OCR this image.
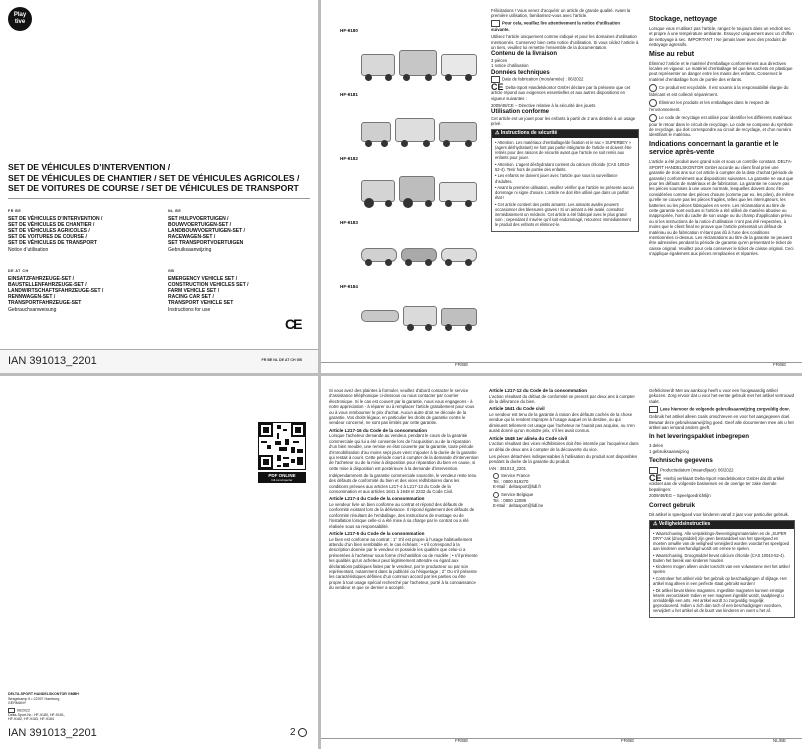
Play tive
SET DE VÉHICULES D’INTERVENTION /
SET DE VÉHICULES DE CHANTIER / SET DE VÉHICULES AGRICOLES /
SET DE VOITURES DE COURSE / SET DE VÉHICULES DE TRANSPORT
FR BE
SET DE VÉHICULES D’INTERVENTION /
SET DE VÉHICULES DE CHANTIER /
SET DE VÉHICULES AGRICOLES /
SET DE VOITURES DE COURSE /
SET DE VÉHICULES DE TRANSPORT
Notice d’utilisation
NL BE
SET HULPVOERTUIGEN /
BOUWVOERTUIGEN-SET /
LANDBOUWVOERTUIGEN-SET /
RACEWAGEN-SET /
SET TRANSPORTVOERTUIGEN
Gebruiksaanwijzing
DE AT CH
EINSATZFAHRZEUGE-SET /
BAUSTELLENFAHRZEUGE-SET /
LANDWIRTSCHAFTSFAHRZEUGE-SET /
RENNWAGEN-SET /
TRANSPORTFAHRZEUGE-SET
Gebrauchsanweisung
GB
EMERGENCY VEHICLE SET /
CONSTRUCTION VEHICLES SET /
FARM VEHICLE SET /
RACING CAR SET /
TRANSPORT VEHICLE SET
Instructions for use
CE
IAN 391013_2201	FR BE NL DE AT CH GB
HF-9180
HF-9181
HF-9182
HF-9183
HF-9184

Félicitations ! Vous venez d’acquérir un article de grande qualité. Avant la première utilisation, familiarisez-vous avec l’article.

Pour cela, veuillez lire attentivement la notice d’utilisation suivante.

Utilisez l’article uniquement comme indiqué et pour les domaines d’utilisation mentionnés. Conservez bien cette notice d’utilisation. Si vous cédez l’article à un tiers, veuillez lui remettre l’ensemble de la documentation.

Contenu de la livraison

3 pièces

1 notice d’utilisation

Données techniques

Date de fabrication (mois/année) : 06/2022

CE Delta-Sport Handelskontor GmbH déclare par la présente que cet article répond aux exigences essentielles et aux autres dispositions en vigueur suivantes :

2009/48/CE – Directive relative à la sécurité des jouets

Utilisation conforme

Cet article est un jouet pour les enfants à partir de 2 ans destiné à un usage privé.

⚠ Instructions de sécurité

• Attention. Les matériaux d’emballage/de fixation et le sac « SUPERBEY » (agent déshydratant) ne font pas partie intégrante de l’article et doivent être retirés pour des raisons de sécurité avant que l’article ne soit remis aux enfants pour jouer.

• Attention. L’agent déshydratant contient du calcium chloride (CAS 10043-52-4). Tenir hors de portée des enfants.

• Les enfants ne doivent jouer avec l’article que sous la surveillance d’adultes.

• Avant la première utilisation, veuillez vérifier que l’article ne présente aucun dommage ni signe d’usure. L’article ne doit être utilisé que dans un parfait état !

• Cet article contient des petits aimants. Les aimants avalés peuvent occasionner des blessures graves ! Si un aimant a été avalé, consultez immédiatement un médecin. Cet article a été fabriqué avec le plus grand soin ; cependant il s’avère qu’il soit endommagé, retournez immédiatement le produit des enfants et éliminez-le.

Stockage, nettoyage

Lorsque vous n’utilisez pas l’article, rangez-le toujours dans un endroit sec et propre à une température ambiante. Essuyez uniquement avec un chiffon de nettoyage à sec. IMPORTANT ! Ne jamais laver avec des produits de nettoyage agressifs.

Mise au rebut

Éliminez l’article et le matériel d’emballage conformément aux directives locales en vigueur. Le matériel d’emballage tel que les sachets en plastique peut représenter un danger entre les mains des enfants. Conservez le matériel d’emballage hors de portée des enfants.

Ce produit est recyclable. Il est soumis à la responsabilité élargie du fabricant et est collecté séparément.

Éliminez les produits et les emballages dans le respect de l’environnement.

Le code de recyclage est utilisé pour identifier les différents matériaux pour le retour dans le circuit de recyclage. Le code se compose du symbole de recyclage, qui doit correspondre au circuit de recyclage, et d’un numéro identifiant le matériau.

Indications concernant la garantie et le service après-vente

L’article a été produit avec grand soin et sous un contrôle constant. DELTA-SPORT HANDELSKONTOR GmbH accorde au client final privé une garantie de trois ans sur cet article à compter de la date d’achat (période de garantie) conformément aux dispositions suivantes. La garantie ne vaut que pour les défauts de matériaux et de fabrication. La garantie ne couvre pas les pièces soumises à une usure normale, lesquelles doivent donc être considérées comme des pièces d’usure (comme par ex. les piles), de même qu’elle ne couvre pas les pièces fragiles, telles que les interrupteurs, les batteries ou les pièces fabriquées en verre. Les réclamations au titre de cette garantie sont exclues si l’article a été utilisé de manière abusive ou inappropriée, hors du cadre de son usage ou du champ d’application prévu ou si les instructions de la notice d’utilisation n’ont pas été respectées, à moins que le client final ne prouve que l’article présentait un défaut de matériau ou de fabrication n’étant pas dû à l’une des conditions mentionnées ci-dessus. Les réclamations au titre de la garantie ne peuvent être adressées pendant la période de garantie qu’en présentant le ticket de caisse original. Veuillez pour cela conserver le ticket de caisse original. Ceci s’applique également aux pièces remplacées et réparées.

FR/BE	FR/BE
PDF ONLINE
lidl.com/rejecter
DELTA-SPORT HANDELSKONTOR GMBH
Wragekamp 6 • 22397 Hamburg
GERMANY
06/2022
Delta-Sport-Nr.: HF-9180, HF-9181,
HF-9182, HF-9183, HF-9184
IAN 391013_2201	2

Si vous avez des plaintes à formuler, veuillez d’abord contacter le service d’assistance téléphonique ci-dessous ou nous contacter par courrier électronique. Si le cas est couvert par la garantie, nous vous engageons - à notre appréciation - à réparer ou à remplacer l’article gratuitement pour vous ou à vous rembourser le prix d’achat. Aucun autre droit ne découle de la garantie. Vos droits légaux, en particulier les droits de garantie contre le vendeur concerné, ne sont pas limités par cette garantie.

Article L217-16 du Code de la consommation

Lorsque l’acheteur demande au vendeur, pendant le cours de la garantie commerciale qui lui a été consentie lors de l’acquisition ou de la réparation d’un bien meuble, une remise en état couverte par la garantie, toute période d’immobilisation d’au moins sept jours vient s’ajouter à la durée de la garantie qui restait à courir. Cette période court à compter de la demande d’intervention de l’acheteur ou de la mise à disposition pour réparation du bien en cause, si cette mise à disposition est postérieure à la demande d’intervention.

Indépendamment de la garantie commerciale souscrite, le vendeur reste tenu des défauts de conformité du bien et des vices rédhibitoires dans les conditions prévues aux articles L217-4 à L217-13 du Code de la consommation et aux articles 1641 à 1648 et 2232 du Code Civil.

Article L217-4 du Code de la consommation

Le vendeur livre un bien conforme au contrat et répond des défauts de conformité existant lors de la délivrance. Il répond également des défauts de conformité résultant de l’emballage, des instructions de montage ou de l’installation lorsque celle-ci a été mise à sa charge par le contrat ou a été réalisée sous sa responsabilité.

Article L217-5 du Code de la consommation

Le bien est conforme au contrat : 1° S’il est propre à l’usage habituellement attendu d’un bien semblable et, le cas échéant : • s’il correspond à la description donnée par le vendeur et possède les qualités que celui-ci a présentées à l’acheteur sous forme d’échantillon ou de modèle ; • s’il présente les qualités qu’un acheteur peut légitimement attendre eu égard aux déclarations publiques faites par le vendeur, par le producteur ou par son représentant, notamment dans la publicité ou l’étiquetage ; 2° Ou s’il présente les caractéristiques définies d’un commun accord par les parties ou être propre à tout usage spécial recherché par l’acheteur, porté à la connaissance du vendeur et que ce dernier a accepté.

Article L217-12 du Code de la consommation

L’action résultant du défaut de conformité se prescrit par deux ans à compter de la délivrance du bien.

Article 1641 du Code civil

Le vendeur est tenu de la garantie à raison des défauts cachés de la chose vendue qui la rendent impropre à l’usage auquel on la destine, ou qui diminuent tellement cet usage que l’acheteur ne l’aurait pas acquise, ou n’en aurait donné qu’un moindre prix, s’il les avait connus.

Article 1648 1er alinéa du Code civil

L’action résultant des vices rédhibitoires doit être intentée par l’acquéreur dans un délai de deux ans à compter de la découverte du vice.

Les pièces détachées indispensables à l’utilisation du produit sont disponibles pendant la durée de la garantie du produit.

IAN : 391013_2201

Service France
Tel. : 0800 919270
E-Mail : deltasport@lidl.fr
Service Belgique
Tel. : 0800 12089
E-Mail : deltasport@lidl.be

Gefeliciteerd! Met uw aankoop heeft u voor een hoogwaardig artikel gekozen. Zorg ervoor dat u voor het eerste gebruik met het artikel vertrouwd raakt.

Lees hiervoor de volgende gebruiksaanwijzing zorgvuldig door.

Gebruik het artikel alleen zoals omschreven en voor het aangegeven doel. Bewaar deze gebruiksaanwijzing goed. Geef alle documenten mee als u het artikel aan iemand anders geeft.

In het leveringspakket inbegrepen

3 delen

1 gebruiksaanwijzing

Technische gegevens

Productiedatum (maand/jaar): 06/2022

CE Hierbij verklaart Delta-Sport Handelskontor GmbH dat dit artikel voldoet aan de volgende basiseisen en de overige ter zake doende bepalingen:

2009/48/EG – Speelgoedrichtlijn

Correct gebruik

Dit artikel is speelgoed voor kinderen vanaf 2 jaar voor particulier gebruik.

⚠ Veiligheidsinstructies

• Waarschuwing. Alle verpakkings-/bevestigingsmaterialen en de „SUPER DRY“-zak (droogmiddel) zijn geen bestanddeel van het speelgoed en moeten omwille van de veiligheid verwijderd worden voordat het speelgoed aan kinderen overhandigd wordt om ermee te spelen.

• Waarschuwing. Droogmiddel bevat calcium chloride (CAS 10043-52-4). Buiten het bereik van kinderen houden.

• Kinderen mogen alleen onder toezicht van een volwassene met het artikel spelen.

• Controleer het artikel vóór het gebruik op beschadigingen of slijtage. Het artikel mag alleen in een perfecte staat gebruikt worden!

• Dit artikel bevat kleine magneten. Ingeslikte magneten kunnen ernstige letsels veroorzaken! Indien er een magneet ingeslikt wordt, raadpleegt u onmiddellijk een arts. Het artikel wordt zo zorgvuldig mogelijk geproduceerd. Indien u zich dan toch of een beschadigingen voordoen, verwijdert u het artikel uit de buurt van kinderen en voert u het af.

FR/BE	FR/BE	NL/BE
